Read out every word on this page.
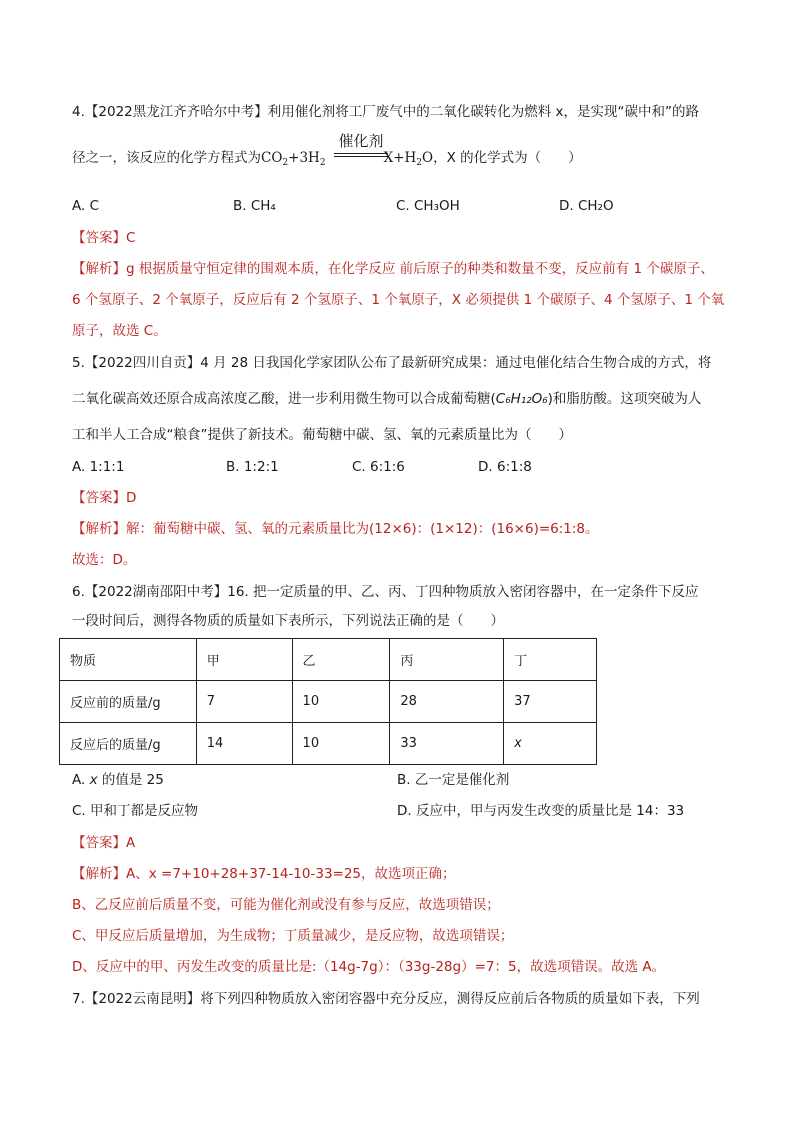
4.【2022黑龙江齐齐哈尔中考】利用催化剂将工厂废气中的二氧化碳转化为燃料 x，是实现“碳中和”的路
催化剂
径之一，该反应的化学方程式为$CO_2+3H_2$	$X+H_2O$，X 的化学式为（　　）
A. C	B. CH₄	C. CH₃OH	D. CH₂O
【答案】C
【解析】g 根据质量守恒定律的围观本质，在化学反应 前后原子的种类和数量不变，反应前有 1 个碳原子、
6 个氢原子、2 个氧原子，反应后有 2 个氢原子、1 个氧原子，X 必须提供 1 个碳原子、4 个氢原子、1 个氧
原子，故选 C。
5.【2022四川自贡】4 月 28 日我国化学家团队公布了最新研究成果：通过电催化结合生物合成的方式，将
二氧化碳高效还原合成高浓度乙酸，进一步利用微生物可以合成葡萄糖(C₆H₁₂O₆)和脂肪酸。这项突破为人
工和半人工合成“粮食”提供了新技术。葡萄糖中碳、氢、氧的元素质量比为（　　）
A. 1:1:1	B. 1:2:1	C. 6:1:6	D. 6:1:8
【答案】D
【解析】解：葡萄糖中碳、氢、氧的元素质量比为(12×6)：(1×12)：(16×6)=6:1:8。
故选：D。
6.【2022湖南邵阳中考】16. 把一定质量的甲、乙、丙、丁四种物质放入密闭容器中，在一定条件下反应
一段时间后，测得各物质的质量如下表所示，下列说法正确的是（　　）
物质	甲	乙	丙	丁
反应前的质量/g	7	10	28	37
反应后的质量/g	14	10	33	x
A. x 的值是 25	B. 乙一定是催化剂
C. 甲和丁都是反应物	D. 反应中，甲与丙发生改变的质量比是 14：33
【答案】A
【解析】A、x =7+10+28+37-14-10-33=25，故选项正确；
B、乙反应前后质量不变，可能为催化剂或没有参与反应，故选项错误；
C、甲反应后质量增加，为生成物；丁质量减少，是反应物，故选项错误；
D、反应中的甲、丙发生改变的质量比是:（14g-7g）：（33g-28g）=7：5，故选项错误。故选 A。
7.【2022云南昆明】将下列四种物质放入密闭容器中充分反应，测得反应前后各物质的质量如下表，下列
